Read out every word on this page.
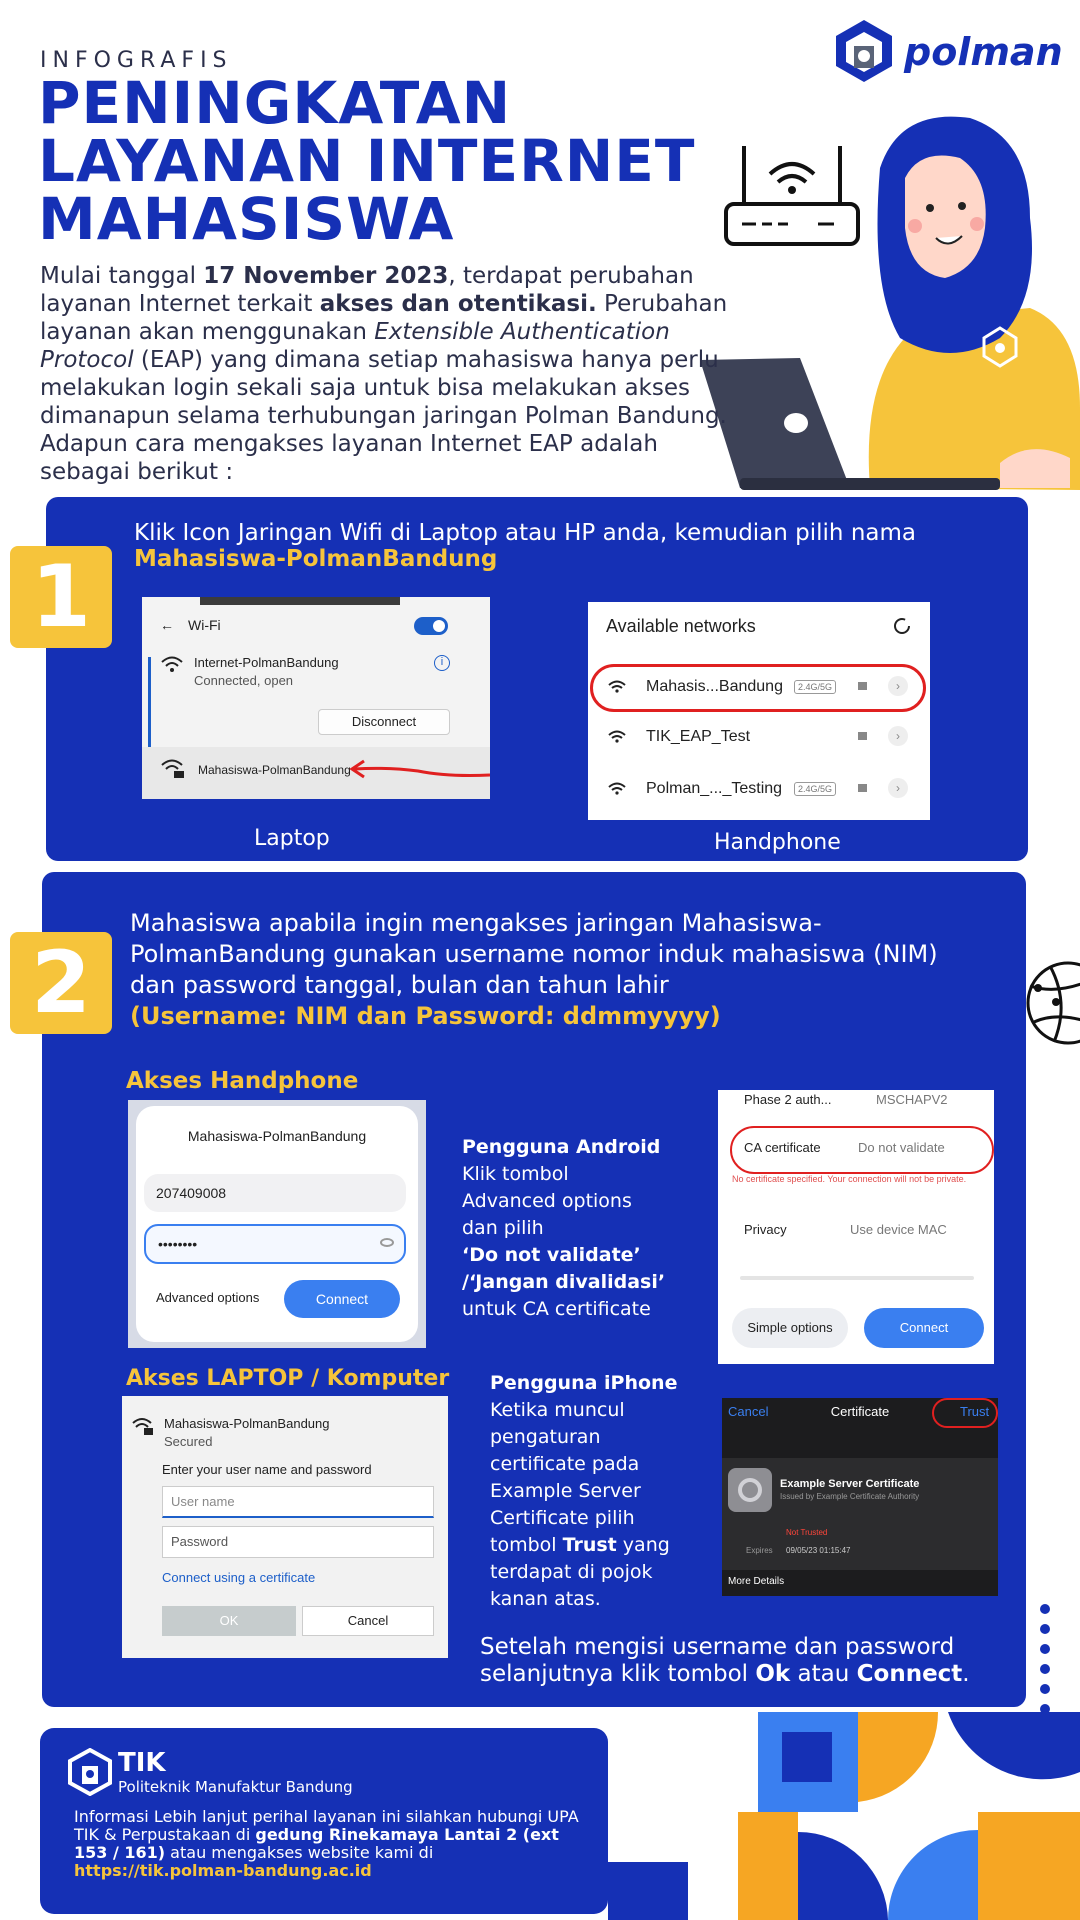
INFOGRAFIS
PENINGKATAN
LAYANAN INTERNET
MAHASISWA
polman
Mulai tanggal 17 November 2023, terdapat perubahan layanan Internet terkait akses dan otentikasi. Perubahan layanan akan menggunakan Extensible Authentication Protocol (EAP) yang dimana setiap mahasiswa hanya perlu melakukan login sekali saja untuk bisa melakukan akses dimanapun selama terhubungan jaringan Polman Bandung. Adapun cara mengakses layanan Internet EAP adalah sebagai berikut :
1
Klik Icon Jaringan Wifi di Laptop atau HP anda, kemudian pilih nama Mahasiswa-PolmanBandung
← Wi-Fi
Internet-PolmanBandung
Connected, open
i
Disconnect
Mahasiswa-PolmanBandung
Available networks
Mahasis...Bandung	2.4G/5G	›
TIK_EAP_Test	›
Polman_..._Testing	2.4G/5G	›
Laptop	Handphone
2
Mahasiswa apabila ingin mengakses jaringan Mahasiswa-PolmanBandung gunakan username nomor induk mahasiswa (NIM) dan password tanggal, bulan dan tahun lahir
(Username: NIM dan Password: ddmmyyyy)
Akses Handphone
Mahasiswa-PolmanBandung
207409008
••••••••
Advanced options	Connect
Pengguna Android
Klik tombol
Advanced options
dan pilih
‘Do not validate’
/‘Jangan divalidasi’
untuk CA certificate
Phase 2 auth...	MSCHAPV2
CA certificate	Do not validate
No certificate specified. Your connection will not be private.
Privacy	Use device MAC
Simple options	Connect
Akses LAPTOP / Komputer
Mahasiswa-PolmanBandung
Secured
Enter your user name and password
User name
Password
Connect using a certificate
OK	Cancel
Pengguna iPhone
Ketika muncul
pengaturan
certificate pada
Example Server
Certificate pilih
tombol Trust yang
terdapat di pojok
kanan atas.
Cancel	Certificate	Trust
Example Server Certificate
Issued by Example Certificate Authority
Not Trusted
Expires 09/05/23 01:15:47
More Details
Setelah mengisi username dan password selanjutnya klik tombol Ok atau Connect.
TIK
Politeknik Manufaktur Bandung
Informasi Lebih lanjut perihal layanan ini silahkan hubungi UPA TIK & Perpustakaan di gedung Rinekamaya Lantai 2 (ext 153 / 161) atau mengakses website kami di
https://tik.polman-bandung.ac.id
